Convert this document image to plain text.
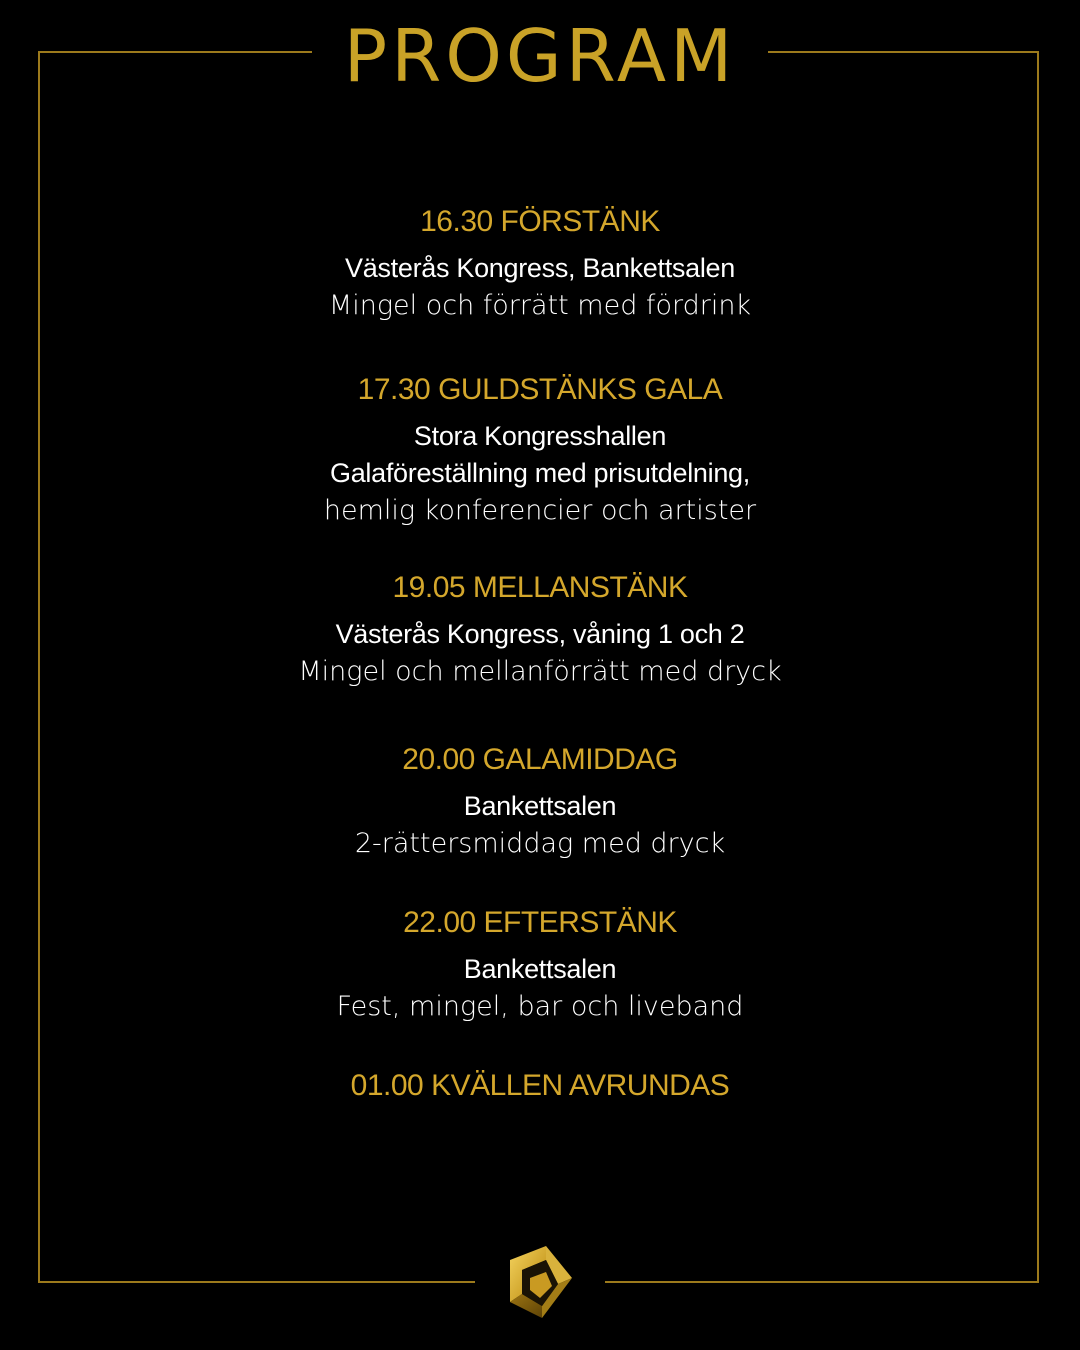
PROGRAM
16.30 FÖRSTÄNK
Västerås Kongress, Bankettsalen
Mingel och förrätt med fördrink
17.30 GULDSTÄNKS GALA
Stora Kongresshallen
Galaföreställning med prisutdelning,
hemlig konferencier och artister
19.05 MELLANSTÄNK
Västerås Kongress, våning 1 och 2
Mingel och mellanförrätt med dryck
20.00 GALAMIDDAG
Bankettsalen
2-rättersmiddag med dryck
22.00 EFTERSTÄNK
Bankettsalen
Fest, mingel, bar och liveband
01.00 KVÄLLEN AVRUNDAS
